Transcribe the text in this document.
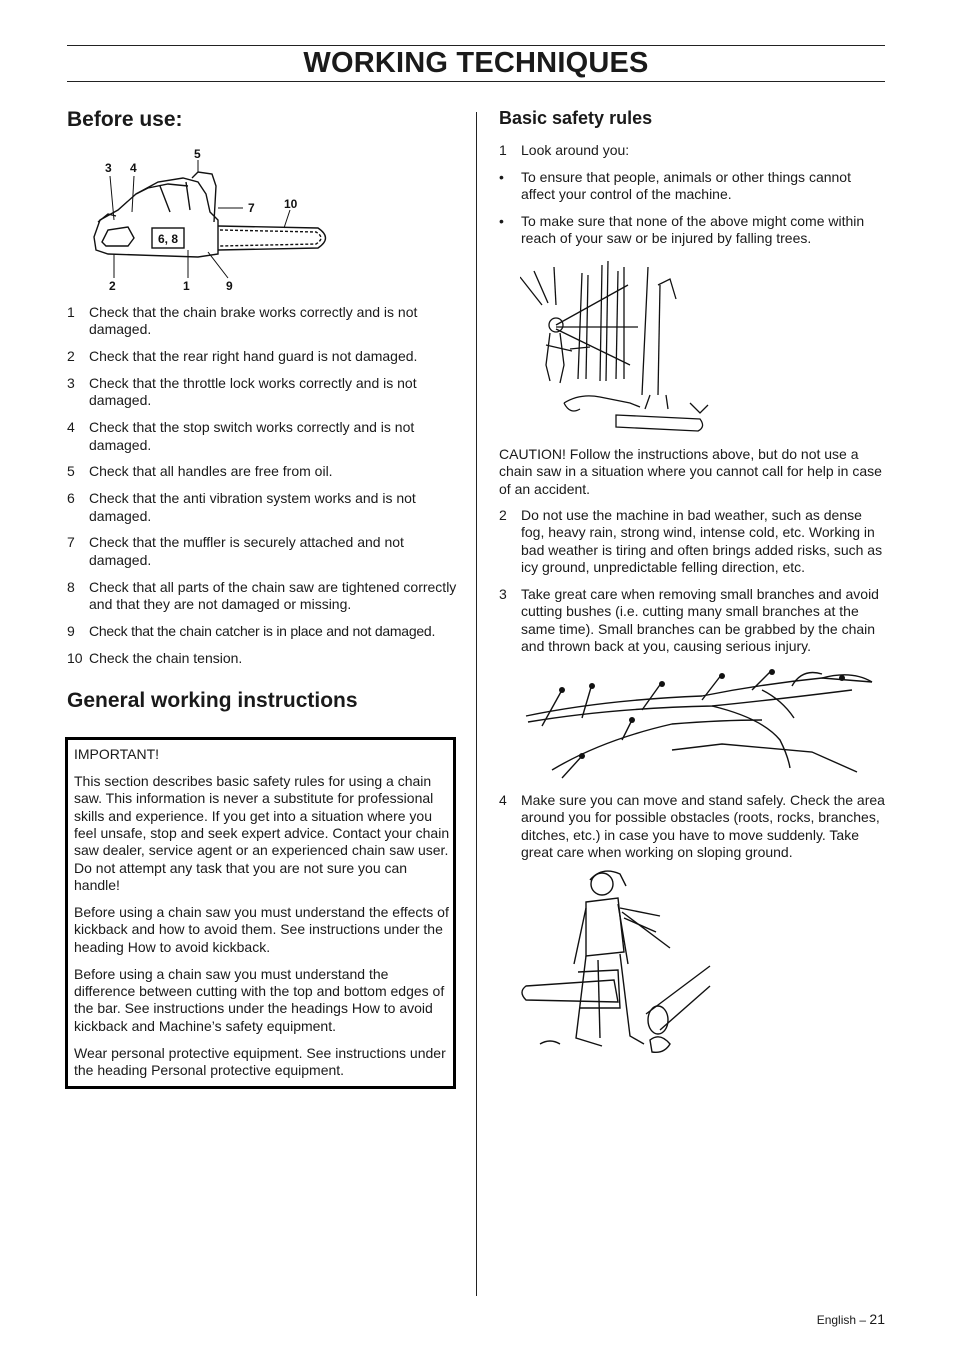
WORKING TECHNIQUES
Before use:
3 4
5
7 10
6, 8
2	1	9
1 Check that the chain brake works correctly and is not damaged.
2 Check that the rear right hand guard is not damaged.
3 Check that the throttle lock works correctly and is not damaged.
4 Check that the stop switch works correctly and is not damaged.
5 Check that all handles are free from oil.
6 Check that the anti vibration system works and is not damaged.
7 Check that the muffler is securely attached and not damaged.
8 Check that all parts of the chain saw are tightened correctly and that they are not damaged or missing.
9 Check that the chain catcher is in place and not damaged.
10 Check the chain tension.
General working instructions

IMPORTANT!

This section describes basic safety rules for using a chain saw. This information is never a substitute for professional skills and experience. If you get into a situation where you feel unsafe, stop and seek expert advice. Contact your chain saw dealer, service agent or an experienced chain saw user. Do not attempt any task that you are not sure you can handle!

Before using a chain saw you must understand the effects of kickback and how to avoid them. See instructions under the heading How to avoid kickback.

Before using a chain saw you must understand the difference between cutting with the top and bottom edges of the bar. See instructions under the headings How to avoid kickback and Machine’s safety equipment.

Wear personal protective equipment. See instructions under the heading Personal protective equipment.

Basic safety rules
1 Look around you:
• To ensure that people, animals or other things cannot affect your control of the machine.
• To make sure that none of the above might come within reach of your saw or be injured by falling trees.

CAUTION! Follow the instructions above, but do not use a chain saw in a situation where you cannot call for help in case of an accident.

2 Do not use the machine in bad weather, such as dense fog, heavy rain, strong wind, intense cold, etc. Working in bad weather is tiring and often brings added risks, such as icy ground, unpredictable felling direction, etc.
3 Take great care when removing small branches and avoid cutting bushes (i.e. cutting many small branches at the same time). Small branches can be grabbed by the chain and thrown back at you, causing serious injury.
4 Make sure you can move and stand safely. Check the area around you for possible obstacles (roots, rocks, branches, ditches, etc.) in case you have to move suddenly. Take great care when working on sloping ground.
English – 21
